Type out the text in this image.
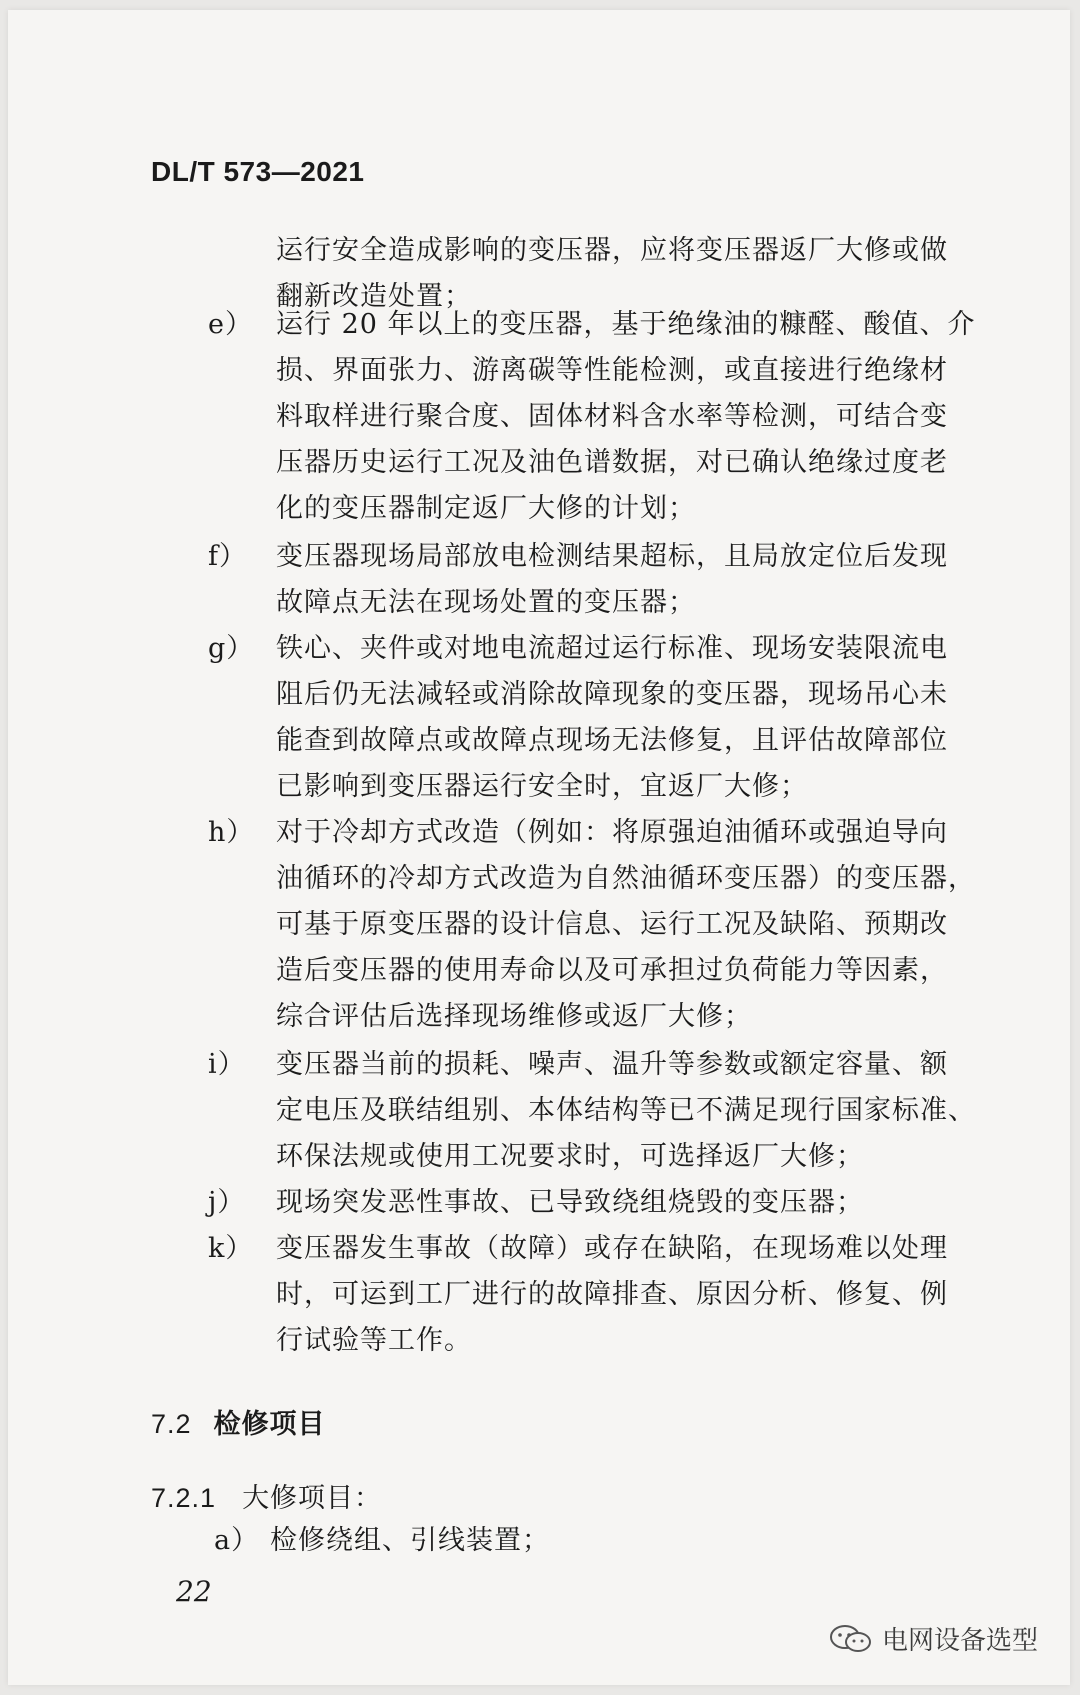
DL/T 573—2021
运行安全造成影响的变压器，应将变压器返厂大修或做
翻新改造处置；
e） 运行 20 年以上的变压器，基于绝缘油的糠醛、酸值、介
损、界面张力、游离碳等性能检测，或直接进行绝缘材
料取样进行聚合度、固体材料含水率等检测，可结合变
压器历史运行工况及油色谱数据，对已确认绝缘过度老
化的变压器制定返厂大修的计划；
f）	变压器现场局部放电检测结果超标，且局放定位后发现
故障点无法在现场处置的变压器；
g） 铁心、夹件或对地电流超过运行标准、现场安装限流电
阻后仍无法减轻或消除故障现象的变压器，现场吊心未
能查到故障点或故障点现场无法修复，且评估故障部位
已影响到变压器运行安全时，宜返厂大修；
h） 对于冷却方式改造（例如：将原强迫油循环或强迫导向
油循环的冷却方式改造为自然油循环变压器）的变压器，
可基于原变压器的设计信息、运行工况及缺陷、预期改
造后变压器的使用寿命以及可承担过负荷能力等因素，
综合评估后选择现场维修或返厂大修；
i）	变压器当前的损耗、噪声、温升等参数或额定容量、额
定电压及联结组别、本体结构等已不满足现行国家标准、
环保法规或使用工况要求时，可选择返厂大修；
j）	现场突发恶性事故、已导致绕组烧毁的变压器；
k） 变压器发生事故（故障）或存在缺陷，在现场难以处理
时，可运到工厂进行的故障排查、原因分析、修复、例
行试验等工作。
7.2 检修项目
7.2.1 大修项目：
a） 检修绕组、引线装置；
22
电网设备选型
